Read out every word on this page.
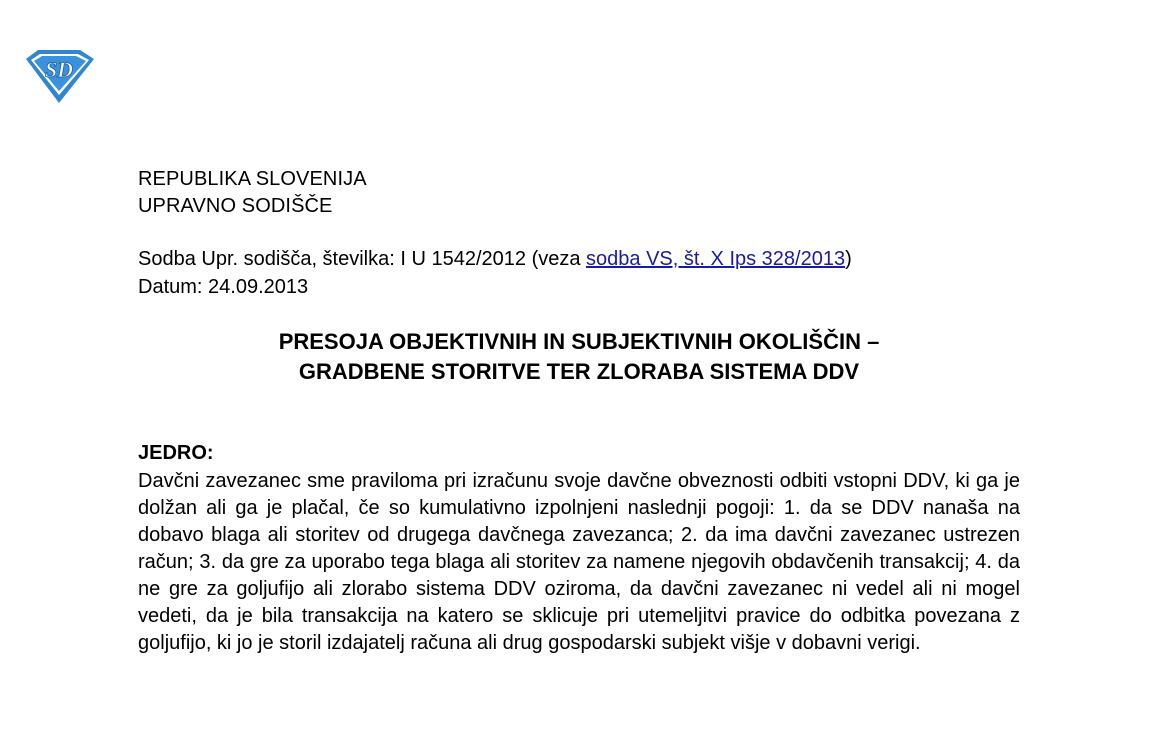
SD
REPUBLIKA SLOVENIJA
UPRAVNO SODIŠČE
Sodba Upr. sodišča, številka: I U 1542/2012 (veza sodba VS, št. X Ips 328/2013)
Datum: 24.09.2013
PRESOJA OBJEKTIVNIH IN SUBJEKTIVNIH OKOLIŠČIN –
GRADBENE STORITVE TER ZLORABA SISTEMA DDV
JEDRO:

Davčni zavezanec sme praviloma pri izračunu svoje davčne obveznosti odbiti vstopni DDV, ki ga je dolžan ali ga je plačal, če so kumulativno izpolnjeni naslednji pogoji: 1. da se DDV nanaša na dobavo blaga ali storitev od drugega davčnega zavezanca; 2. da ima davčni zavezanec ustrezen račun; 3. da gre za uporabo tega blaga ali storitev za namene njegovih obdavčenih transakcij; 4. da ne gre za goljufijo ali zlorabo sistema DDV oziroma, da davčni zavezanec ni vedel ali ni mogel vedeti, da je bila transakcija na katero se sklicuje pri utemeljitvi pravice do odbitka povezana z goljufijo, ki jo je storil izdajatelj računa ali drug gospodarski subjekt višje v dobavni verigi.
